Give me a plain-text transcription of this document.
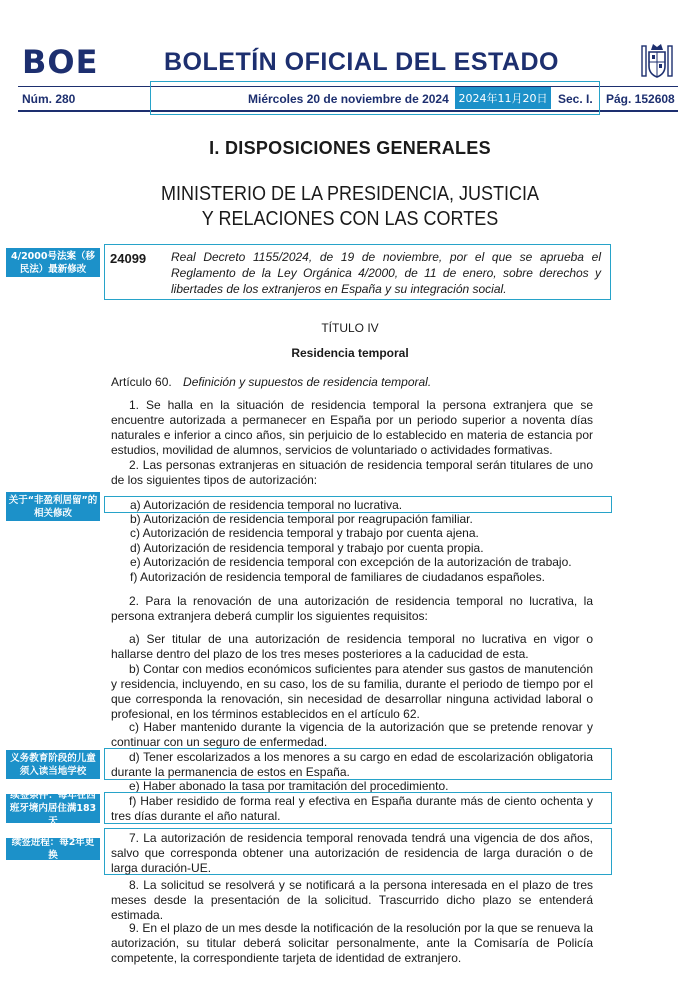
BOE	BOLETÍN OFICIAL DEL ESTADO
Núm. 280	Miércoles 20 de noviembre de 2024	Sec. I. Pág. 152608
2024年11月20日
I. DISPOSICIONES GENERALES
MINISTERIO DE LA PRESIDENCIA, JUSTICIA
Y RELACIONES CON LAS CORTES
4/2000号法案（移民法）最新修改
24099 Real Decreto 1155/2024, de 19 de noviembre, por el que se aprueba el Reglamento de la Ley Orgánica 4/2000, de 11 de enero, sobre derechos y libertades de los extranjeros en España y su integración social.
TÍTULO IV
Residencia temporal
Artículo 60. Definición y supuestos de residencia temporal.
1. Se halla en la situación de residencia temporal la persona extranjera que se encuentre autorizada a permanecer en España por un periodo superior a noventa días naturales e inferior a cinco años, sin perjuicio de lo establecido en materia de estancia por estudios, movilidad de alumnos, servicios de voluntariado o actividades formativas.
2. Las personas extranjeras en situación de residencia temporal serán titulares de uno de los siguientes tipos de autorización:
关于“非盈利居留”的相关修改
a) Autorización de residencia temporal no lucrativa.
b) Autorización de residencia temporal por reagrupación familiar.
c) Autorización de residencia temporal y trabajo por cuenta ajena.
d) Autorización de residencia temporal y trabajo por cuenta propia.
e) Autorización de residencia temporal con excepción de la autorización de trabajo.
f) Autorización de residencia temporal de familiares de ciudadanos españoles.
2. Para la renovación de una autorización de residencia temporal no lucrativa, la persona extranjera deberá cumplir los siguientes requisitos:
a) Ser titular de una autorización de residencia temporal no lucrativa en vigor o hallarse dentro del plazo de los tres meses posteriores a la caducidad de esta.
b) Contar con medios económicos suficientes para atender sus gastos de manutención y residencia, incluyendo, en su caso, los de su familia, durante el periodo de tiempo por el que corresponda la renovación, sin necesidad de desarrollar ninguna actividad laboral o profesional, en los términos establecidos en el artículo 62.
c) Haber mantenido durante la vigencia de la autorización que se pretende renovar y continuar con un seguro de enfermedad.
义务教育阶段的儿童须入读当地学校
d) Tener escolarizados a los menores a su cargo en edad de escolarización obligatoria durante la permanencia de estos en España.
e) Haber abonado la tasa por tramitación del procedimiento.
续签条件：每年在西班牙境内居住满183天
f) Haber residido de forma real y efectiva en España durante más de ciento ochenta y tres días durante el año natural.
续签进程：每2年更换
7. La autorización de residencia temporal renovada tendrá una vigencia de dos años, salvo que corresponda obtener una autorización de residencia de larga duración o de larga duración-UE.
8. La solicitud se resolverá y se notificará a la persona interesada en el plazo de tres meses desde la presentación de la solicitud. Trascurrido dicho plazo se entenderá estimada.
9. En el plazo de un mes desde la notificación de la resolución por la que se renueva la autorización, su titular deberá solicitar personalmente, ante la Comisaría de Policía competente, la correspondiente tarjeta de identidad de extranjero.
